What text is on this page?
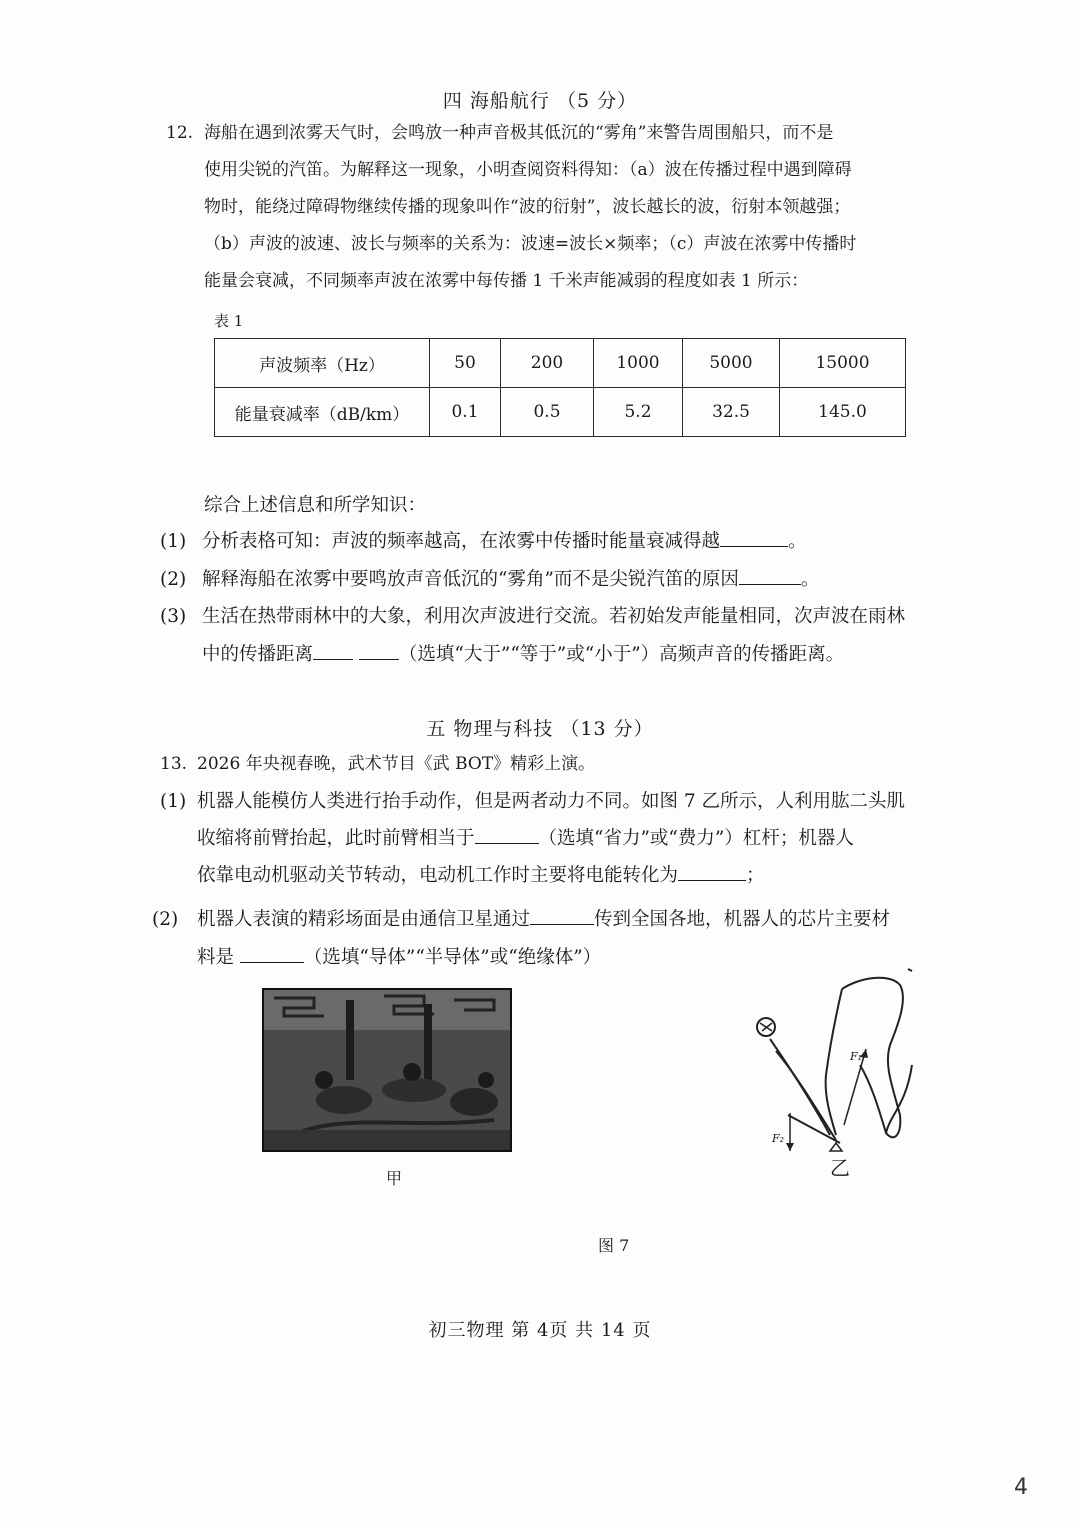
四 海船航行 （5 分）
12. 海船在遇到浓雾天气时，会鸣放一种声音极其低沉的“雾角”来警告周围船只，而不是
使用尖锐的汽笛。为解释这一现象，小明查阅资料得知：（a）波在传播过程中遇到障碍
物时，能绕过障碍物继续传播的现象叫作“波的衍射”，波长越长的波，衍射本领越强；
（b）声波的波速、波长与频率的关系为：波速=波长×频率；（c）声波在浓雾中传播时
能量会衰减，不同频率声波在浓雾中每传播 1 千米声能减弱的程度如表 1 所示：
表 1
声波频率（Hz）	50	200	1000	5000	15000
能量衰减率（dB/km）	0.1	0.5	5.2	32.5	145.0
综合上述信息和所学知识：
(1) 分析表格可知：声波的频率越高，在浓雾中传播时能量衰减得越	。
(2) 解释海船在浓雾中要鸣放声音低沉的“雾角”而不是尖锐汽笛的原因	。
(3) 生活在热带雨林中的大象，利用次声波进行交流。若初始发声能量相同，次声波在雨林
中的传播距离	（选填“大于”“等于”或“小于”）高频声音的传播距离。
五 物理与科技 （13 分）
13. 2026 年央视春晚，武术节目《武 BOT》精彩上演。
(1) 机器人能模仿人类进行抬手动作，但是两者动力不同。如图 7 乙所示，人利用肱二头肌
收缩将前臂抬起，此时前臂相当于	（选填“省力”或“费力”）杠杆；机器人
依靠电动机驱动关节转动，电动机工作时主要将电能转化为	；
(2) 机器人表演的精彩场面是由通信卫星通过	传到全国各地，机器人的芯片主要材
料是	（选填“导体”“半导体”或“绝缘体”）
甲
F₁
F₂
乙
图 7
初三物理 第 4页 共 14 页
4
